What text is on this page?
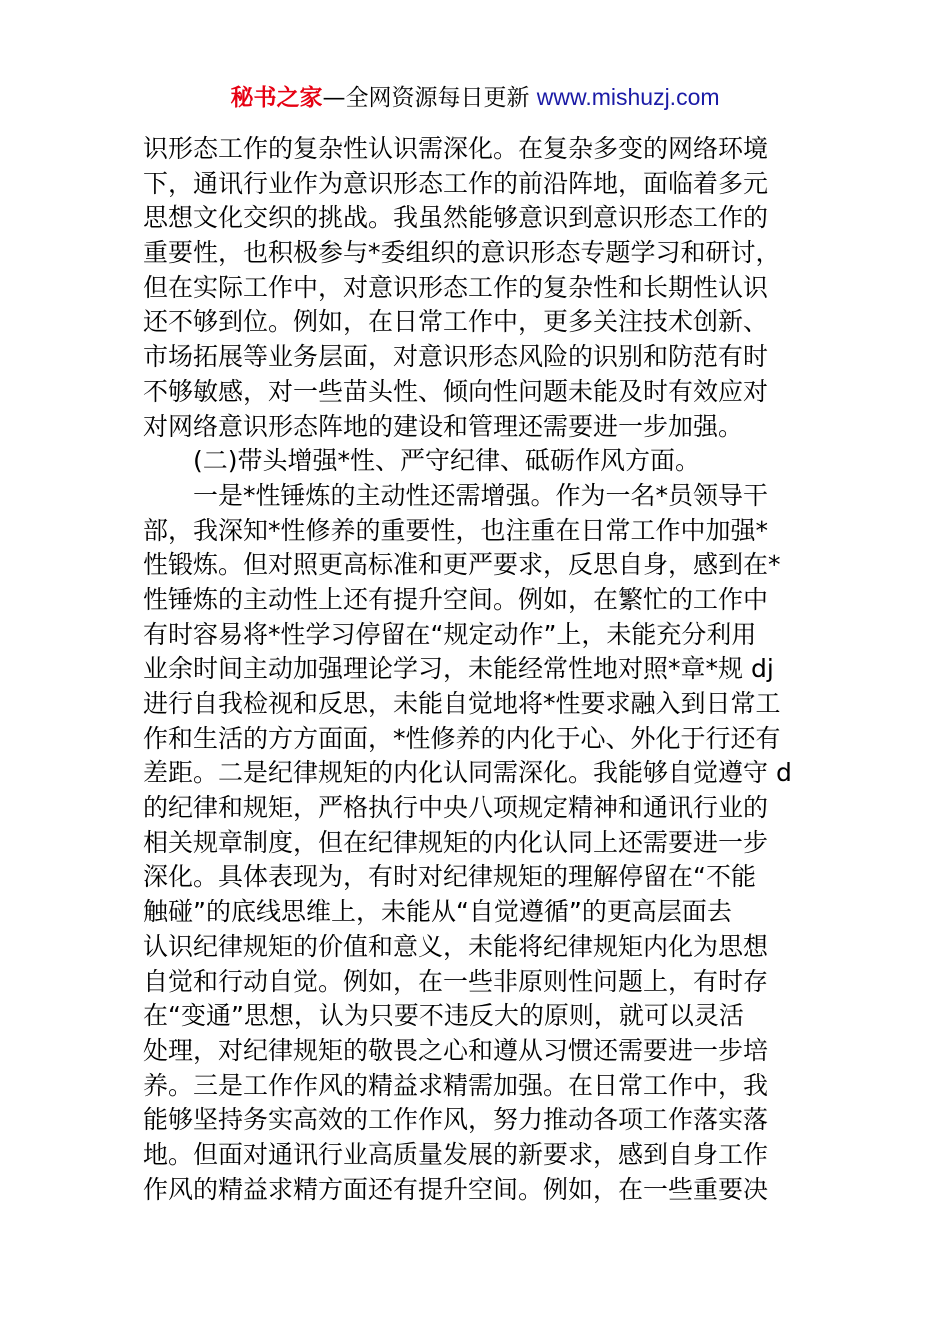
秘书之家—全网资源每日更新 www.mishuzj.com
识形态工作的复杂性认识需深化。在复杂多变的网络环境
下，通讯行业作为意识形态工作的前沿阵地，面临着多元
思想文化交织的挑战。我虽然能够意识到意识形态工作的
重要性，也积极参与*委组织的意识形态专题学习和研讨，
但在实际工作中，对意识形态工作的复杂性和长期性认识
还不够到位。例如，在日常工作中，更多关注技术创新、
市场拓展等业务层面，对意识形态风险的识别和防范有时
不够敏感，对一些苗头性、倾向性问题未能及时有效应对
对网络意识形态阵地的建设和管理还需要进一步加强。
(二)带头增强*性、严守纪律、砥砺作风方面。
一是*性锤炼的主动性还需增强。作为一名*员领导干
部，我深知*性修养的重要性，也注重在日常工作中加强*
性锻炼。但对照更高标准和更严要求，反思自身，感到在*
性锤炼的主动性上还有提升空间。例如，在繁忙的工作中
有时容易将*性学习停留在“规定动作”上，未能充分利用
业余时间主动加强理论学习，未能经常性地对照*章*规 dj
进行自我检视和反思，未能自觉地将*性要求融入到日常工
作和生活的方方面面，*性修养的内化于心、外化于行还有
差距。二是纪律规矩的内化认同需深化。我能够自觉遵守 d
的纪律和规矩，严格执行中央八项规定精神和通讯行业的
相关规章制度，但在纪律规矩的内化认同上还需要进一步
深化。具体表现为，有时对纪律规矩的理解停留在“不能
触碰”的底线思维上，未能从“自觉遵循”的更高层面去
认识纪律规矩的价值和意义，未能将纪律规矩内化为思想
自觉和行动自觉。例如，在一些非原则性问题上，有时存
在“变通”思想，认为只要不违反大的原则，就可以灵活
处理，对纪律规矩的敬畏之心和遵从习惯还需要进一步培
养。三是工作作风的精益求精需加强。在日常工作中，我
能够坚持务实高效的工作作风，努力推动各项工作落实落
地。但面对通讯行业高质量发展的新要求，感到自身工作
作风的精益求精方面还有提升空间。例如，在一些重要决
